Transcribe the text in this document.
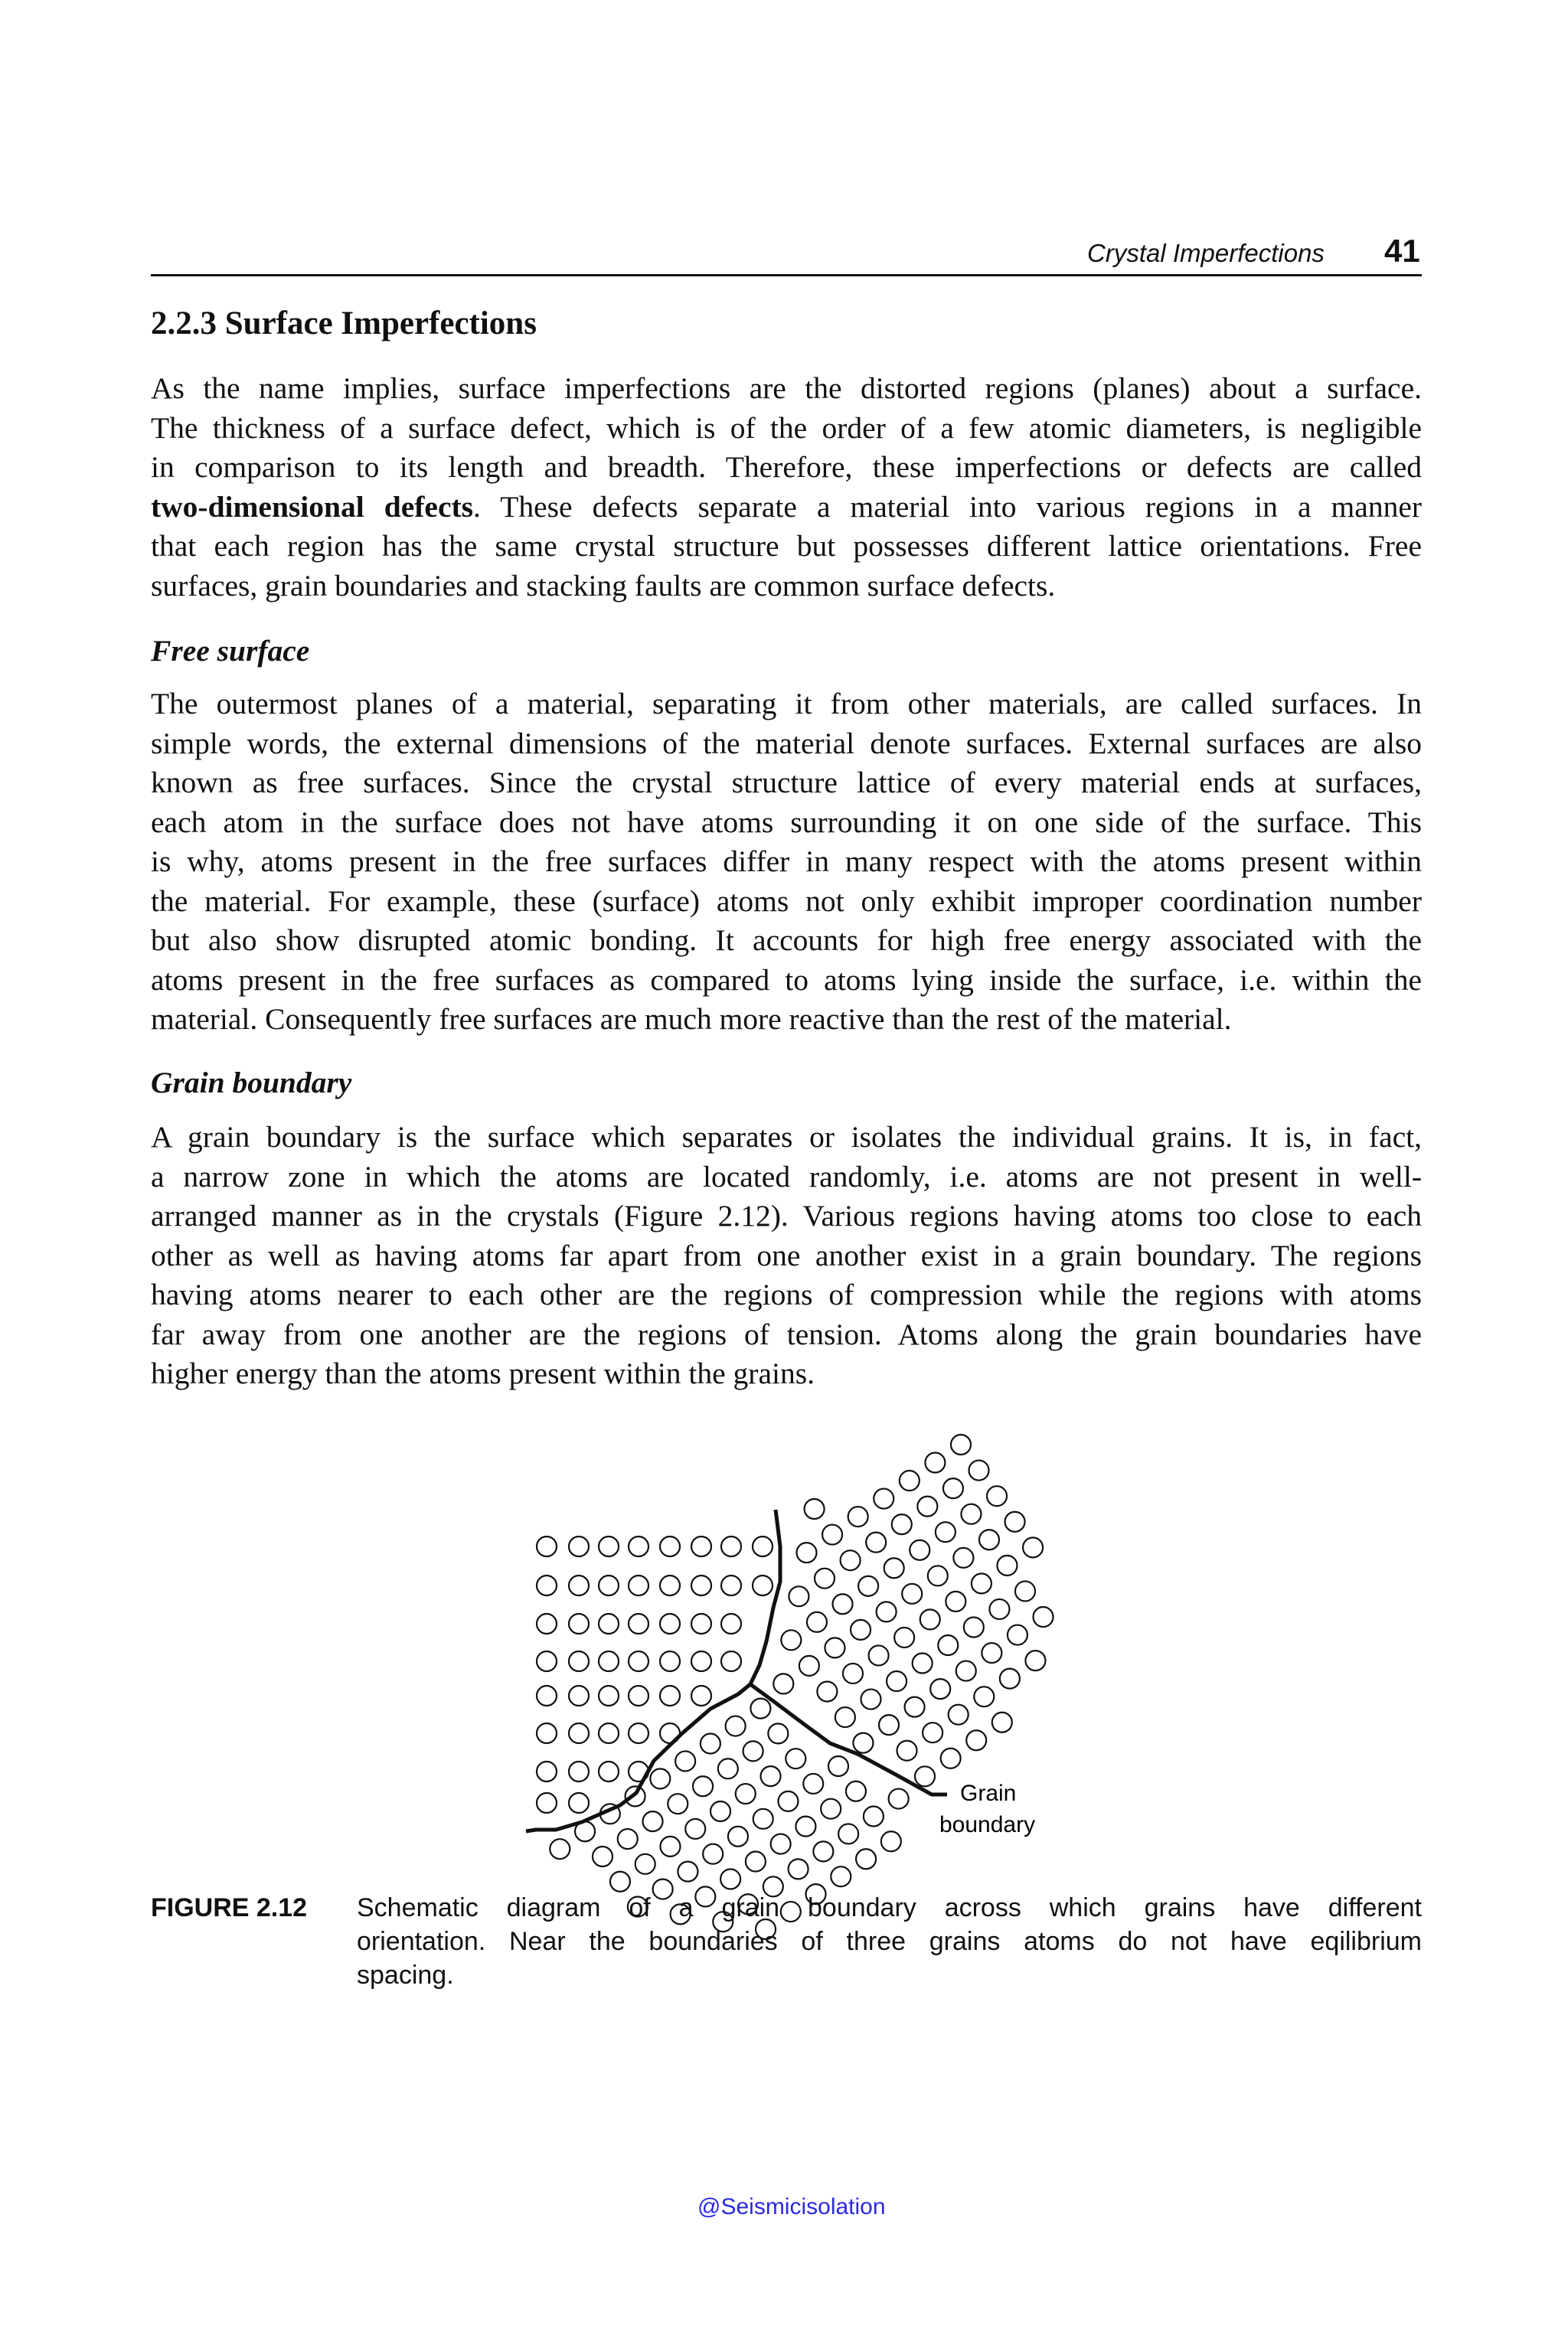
Crystal Imperfections 41
2.2.3 Surface Imperfections
As the name implies, surface imperfections are the distorted regions (planes) about a surface.
The thickness of a surface defect, which is of the order of a few atomic diameters, is negligible
in comparison to its length and breadth. Therefore, these imperfections or defects are called
two-dimensional defects. These defects separate a material into various regions in a manner
that each region has the same crystal structure but possesses different lattice orientations. Free
surfaces, grain boundaries and stacking faults are common surface defects.
Free surface
The outermost planes of a material, separating it from other materials, are called surfaces. In
simple words, the external dimensions of the material denote surfaces. External surfaces are also
known as free surfaces. Since the crystal structure lattice of every material ends at surfaces,
each atom in the surface does not have atoms surrounding it on one side of the surface. This
is why, atoms present in the free surfaces differ in many respect with the atoms present within
the material. For example, these (surface) atoms not only exhibit improper coordination number
but also show disrupted atomic bonding. It accounts for high free energy associated with the
atoms present in the free surfaces as compared to atoms lying inside the surface, i.e. within the
material. Consequently free surfaces are much more reactive than the rest of the material.
Grain boundary
A grain boundary is the surface which separates or isolates the individual grains. It is, in fact,
a narrow zone in which the atoms are located randomly, i.e. atoms are not present in well-
arranged manner as in the crystals (Figure 2.12). Various regions having atoms too close to each
other as well as having atoms far apart from one another exist in a grain boundary. The regions
having atoms nearer to each other are the regions of compression while the regions with atoms
far away from one another are the regions of tension. Atoms along the grain boundaries have
higher energy than the atoms present within the grains.
Grain
boundary
FIGURE 2.12 Schematic diagram of a grain boundary across which grains have different
orientation. Near the boundaries of three grains atoms do not have eqilibrium
spacing.
@Seismicisolation
